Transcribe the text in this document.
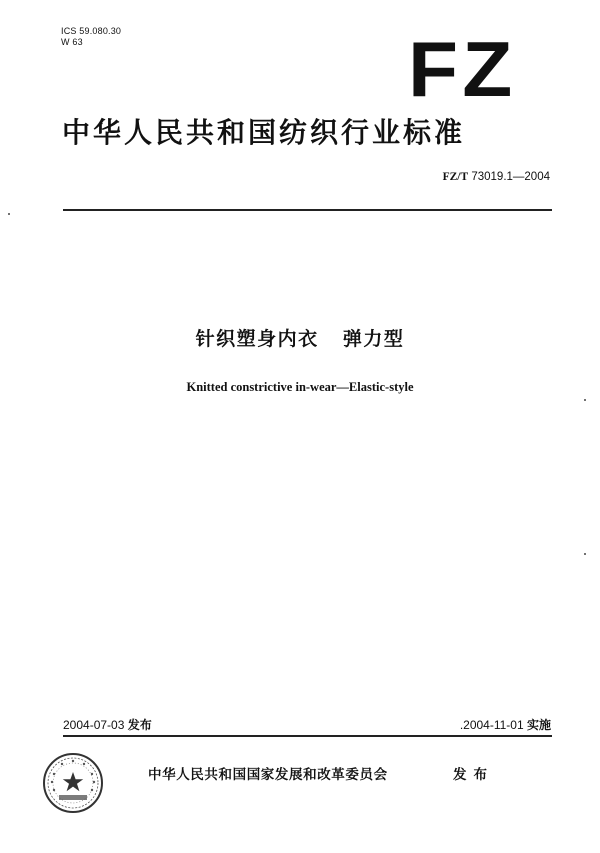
ICS 59.080.30
W 63	FZ
中华人民共和国纺织行业标准
FZ/T 73019.1—2004
针织塑身内衣   弹力型
Knitted constrictive in-wear—Elastic-style
2004-07-03 发布	.2004-11-01 实施
中华人民共和国国家发展和改革委员会	发布
